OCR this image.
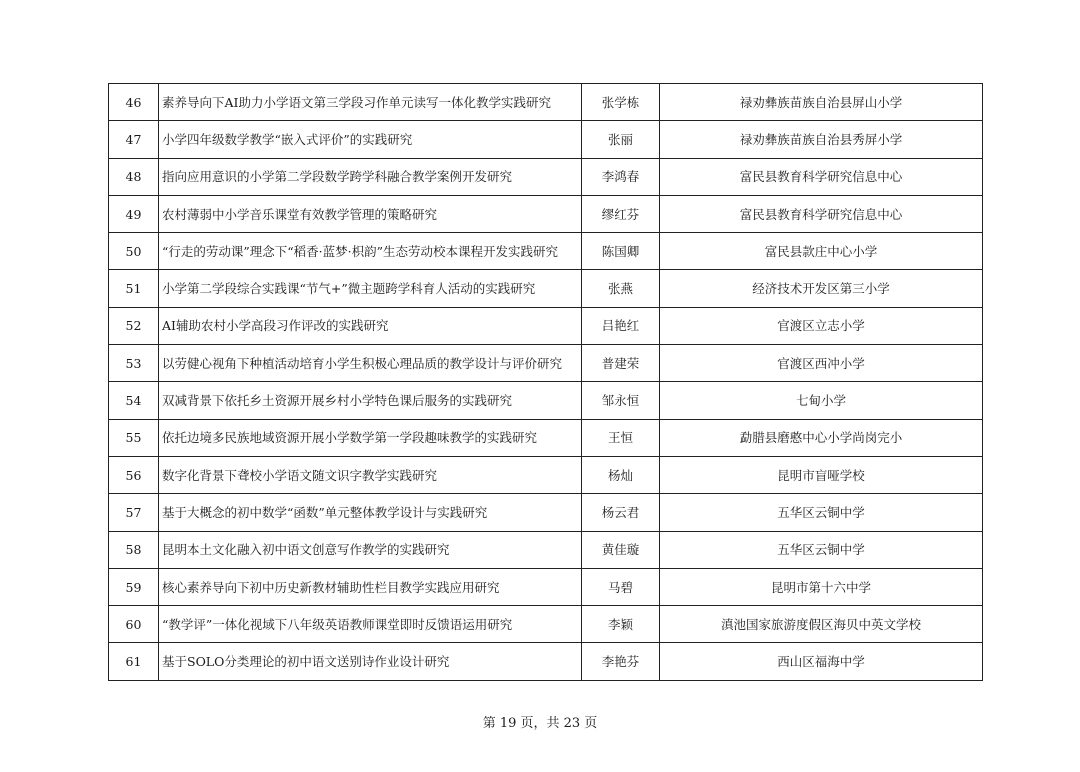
46	素养导向下AI助力小学语文第三学段习作单元读写一体化教学实践研究	张学栋	禄劝彝族苗族自治县屏山小学
47	小学四年级数学教学“嵌入式评价”的实践研究	张丽	禄劝彝族苗族自治县秀屏小学
48	指向应用意识的小学第二学段数学跨学科融合教学案例开发研究	李鸿春	富民县教育科学研究信息中心
49	农村薄弱中小学音乐课堂有效教学管理的策略研究	缪红芬	富民县教育科学研究信息中心
50	“行走的劳动课”理念下“稻香·蓝梦·枳韵”生态劳动校本课程开发实践研究	陈国卿	富民县款庄中心小学
51	小学第二学段综合实践课“节气+”微主题跨学科育人活动的实践研究	张燕	经济技术开发区第三小学
52	AI辅助农村小学高段习作评改的实践研究	吕艳红	官渡区立志小学
53	以劳健心视角下种植活动培育小学生积极心理品质的教学设计与评价研究	普建荣	官渡区西冲小学
54	双减背景下依托乡土资源开展乡村小学特色课后服务的实践研究	邹永恒	七甸小学
55	依托边境多民族地域资源开展小学数学第一学段趣味教学的实践研究	王恒	勐腊县磨憨中心小学尚岗完小
56	数字化背景下聋校小学语文随文识字教学实践研究	杨灿	昆明市盲哑学校
57	基于大概念的初中数学“函数”单元整体教学设计与实践研究	杨云君	五华区云铜中学
58	昆明本土文化融入初中语文创意写作教学的实践研究	黄佳璇	五华区云铜中学
59	核心素养导向下初中历史新教材辅助性栏目教学实践应用研究	马碧	昆明市第十六中学
60	“教学评”一体化视域下八年级英语教师课堂即时反馈语运用研究	李颖	滇池国家旅游度假区海贝中英文学校
61	基于SOLO分类理论的初中语文送别诗作业设计研究	李艳芬	西山区福海中学
第 19 页，共 23 页
